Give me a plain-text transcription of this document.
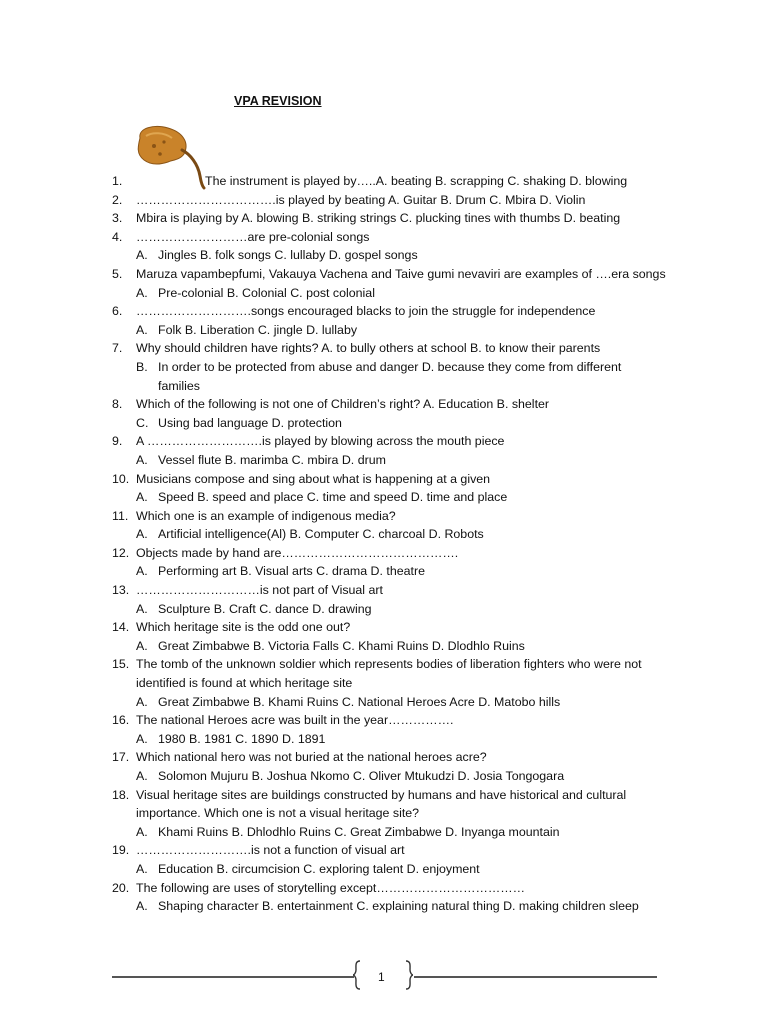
VPA REVISION
1.	The instrument is played by…..A. beating B. scrapping C. shaking D. blowing
2. …………………………….is played by beating A. Guitar B. Drum C. Mbira D. Violin
3. Mbira is playing by A. blowing B. striking strings C. plucking tines with thumbs D. beating
4. ………………………are pre-colonial songs
A. Jingles B. folk songs C. lullaby D. gospel songs
5. Maruza vapambepfumi, Vakauya Vachena and Taive gumi nevaviri are examples of ….era songs
A. Pre-colonial B. Colonial C. post colonial
6. ……………………….songs encouraged blacks to join the struggle for independence
A. Folk B. Liberation C. jingle D. lullaby
7. Why should children have rights? A. to bully others at school B. to know their parents
B. In order to be protected from abuse and danger D. because they come from different
families
8. Which of the following is not one of Children’s right? A. Education B. shelter
C. Using bad language D. protection
9. A ……………………….is played by blowing across the mouth piece
A. Vessel flute B. marimba C. mbira D. drum
10. Musicians compose and sing about what is happening at a given
A. Speed B. speed and place C. time and speed D. time and place
11. Which one is an example of indigenous media?
A. Artificial intelligence(Al) B. Computer C. charcoal D. Robots
12. Objects made by hand are…………………………………….
A. Performing art B. Visual arts C. drama D. theatre
13. …………………………is not part of Visual art
A. Sculpture B. Craft C. dance D. drawing
14. Which heritage site is the odd one out?
A. Great Zimbabwe B. Victoria Falls C. Khami Ruins D. Dlodhlo Ruins
15. The tomb of the unknown soldier which represents bodies of liberation fighters who were not
identified is found at which heritage site
A. Great Zimbabwe B. Khami Ruins C. National Heroes Acre D. Matobo hills
16. The national Heroes acre was built in the year…………….
A. 1980 B. 1981 C. 1890 D. 1891
17. Which national hero was not buried at the national heroes acre?
A. Solomon Mujuru B. Joshua Nkomo C. Oliver Mtukudzi D. Josia Tongogara
18. Visual heritage sites are buildings constructed by humans and have historical and cultural
importance. Which one is not a visual heritage site?
A. Khami Ruins B. Dhlodhlo Ruins C. Great Zimbabwe D. Inyanga mountain
19. ……………………….is not a function of visual art
A. Education B. circumcision C. exploring talent D. enjoyment
20. The following are uses of storytelling except………………………………
A. Shaping character B. entertainment C. explaining natural thing D. making children sleep
1
